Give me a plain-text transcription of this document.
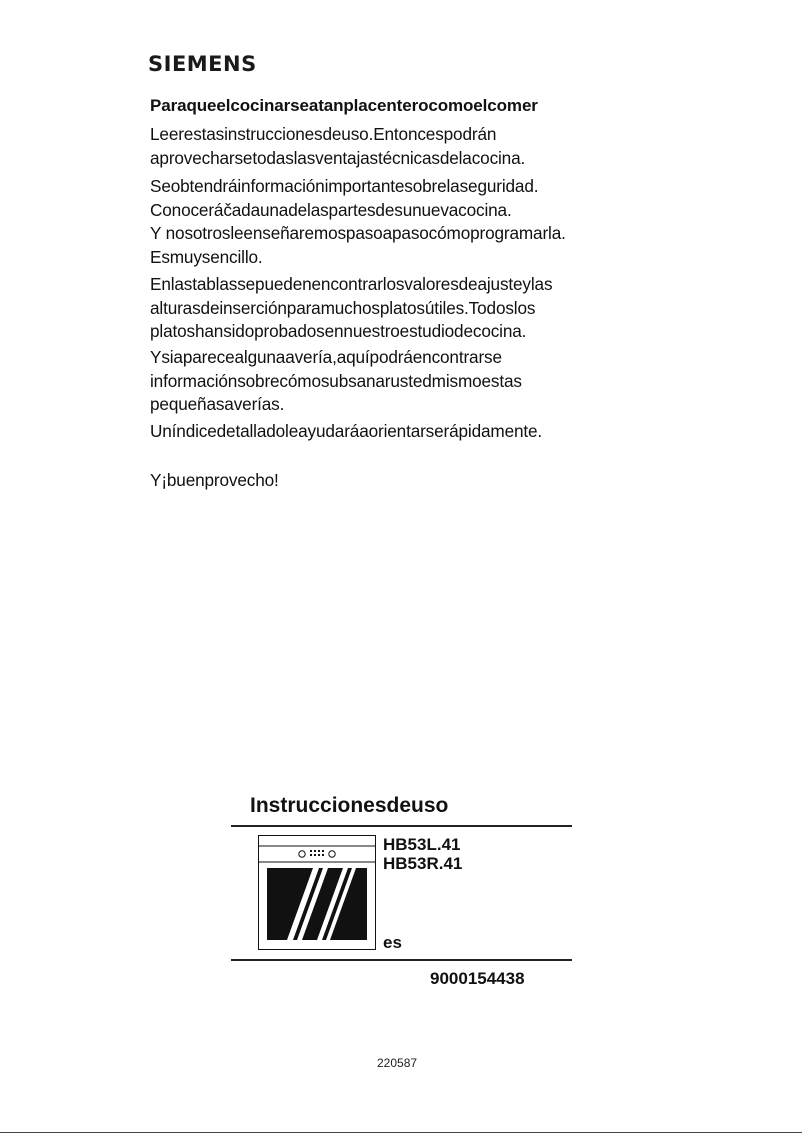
SIEMENS
Paraqueelcocinarseatanplacenterocomoelcomer

Leerestasinstruccionesdeuso.Entoncespodrán
aprovecharsetodaslasventajastécnicasdelacocina.

Seobtendráinformaciónimportantesobrelaseguridad.
Conoceráčadaunadelaspartesdesunuevacocina.
Y nosotrosleenseñaremospasoapasocómoprogramarla.
Esmuysencillo.

Enlastablassepuedenencontrarlosvaloresdeajusteylas
alturasdeinserciónparamuchosplatosútiles.Todoslos
platoshansidoprobadosennuestroestudiodecocina.

Ysiaparecealgunaavería,aquípodráencontrarse
informaciónsobrecómosubsanarustedmismoestas
pequeñasaverías.

Uníndicedetalladoleayudaráaorientarserápidamente.

Y¡buenprovecho!

Instruccionesdeuso
HB53L.41
HB53R.41
es
9000154438
220587
